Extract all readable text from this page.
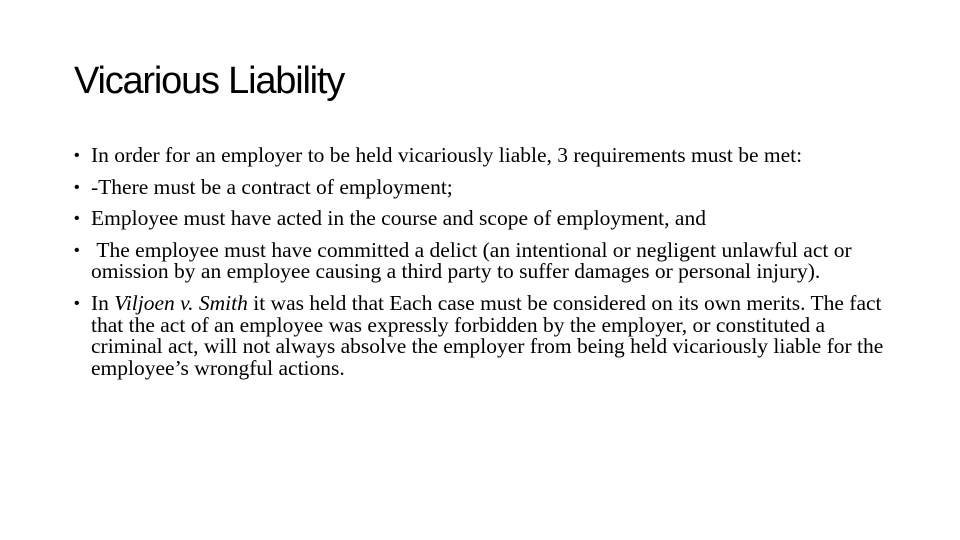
Vicarious Liability
• In order for an employer to be held vicariously liable, 3 requirements must be met:
• -There must be a contract of employment;
• Employee must have acted in the course and scope of employment, and
• The employee must have committed a delict (an intentional or negligent unlawful act or omission by an employee causing a third party to suffer damages or personal injury).
• In Viljoen v. Smith it was held that Each case must be considered on its own merits. The fact that the act of an employee was expressly forbidden by the employer, or constituted a criminal act, will not always absolve the employer from being held vicariously liable for the employee’s wrongful actions.
